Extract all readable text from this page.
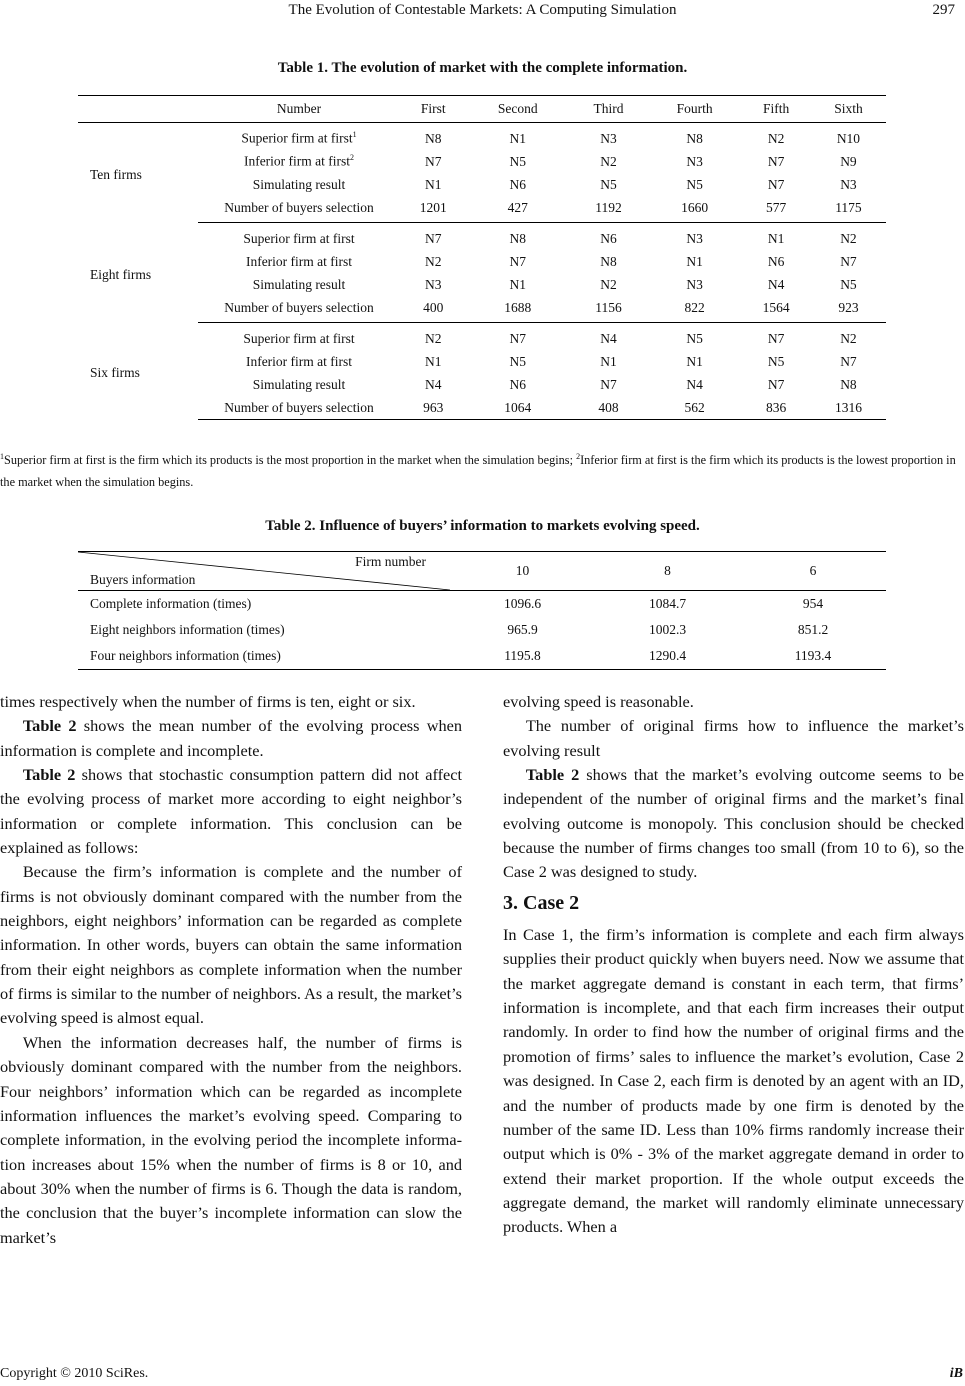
The Evolution of Contestable Markets: A Computing Simulation	297
Table 1. The evolution of market with the complete information.
	Number	First	Second	Third	Fourth	Fifth	Sixth
Ten firms	Superior firm at first$^1$	N8	N1	N3	N8	N2	N10
	Inferior firm at first$^2$	N7	N5	N2	N3	N7	N9
	Simulating result	N1	N6	N5	N5	N7	N3
	Number of buyers selection	1201	427	1192	1660	577	1175
Eight firms	Superior firm at first	N7	N8	N6	N3	N1	N2
	Inferior firm at first	N2	N7	N8	N1	N6	N7
	Simulating result	N3	N1	N2	N3	N4	N5
	Number of buyers selection	400	1688	1156	822	1564	923
Six firms	Superior firm at first	N2	N7	N4	N5	N7	N2
	Inferior firm at first	N1	N5	N1	N1	N5	N7
	Simulating result	N4	N6	N7	N4	N7	N8
	Number of buyers selection	963	1064	408	562	836	1316
$^1$Superior firm at first is the firm which its products is the most proportion in the market when the simulation begins; $^2$Inferior firm at first is the firm which its products is the lowest proportion in the market when the simulation begins.
Table 2. Influence of buyers’ information to markets evolving speed.
Firm number
Buyers information	10	8	6
Complete information (times)	1096.6	1084.7	954
Eight neighbors information (times)	965.9	1002.3	851.2
Four neighbors information (times)	1195.8	1290.4	1193.4

times respectively when the number of firms is ten, eight or six.

Table 2 shows the mean number of the evolving process when information is complete and incomplete.

Table 2 shows that stochastic consumption pattern did not affect the evolving process of market more according to eight neighbor’s information or complete information. This conclusion can be explained as follows:

Because the firm’s information is complete and the number of firms is not obviously dominant compared with the number from the neighbors, eight neighbors’ information can be regarded as complete information. In other words, buyers can obtain the same information from their eight neighbors as complete information when the number of firms is similar to the number of neighbors. As a result, the market’s evolving speed is almost equal.

When the information decreases half, the number of firms is obviously dominant compared with the number from the neighbors. Four neighbors’ information which can be regarded as incomplete information influences the market’s evolving speed. Comparing to complete information, in the evolving period the incomplete information increases about 15% when the number of firms is 8 or 10, and about 30% when the number of firms is 6. Though the data is random, the conclusion that the buyer’s incomplete information can slow the market’s

evolving speed is reasonable.

The number of original firms how to influence the market’s evolving result

Table 2 shows that the market’s evolving outcome seems to be independent of the number of original firms and the market’s final evolving outcome is monopoly. This conclusion should be checked because the number of firms changes too small (from 10 to 6), so the Case 2 was designed to study.

3. Case 2

In Case 1, the firm’s information is complete and each firm always supplies their product quickly when buyers need. Now we assume that the market aggregate demand is constant in each term, that firms’ information is incomplete, and that each firm increases their output randomly. In order to find how the number of original firms and the promotion of firms’ sales to influence the market’s evolution, Case 2 was designed. In Case 2, each firm is denoted by an agent with an ID, and the number of products made by one firm is denoted by the number of the same ID. Less than 10% firms randomly increase their output which is 0% - 3% of the market aggregate demand in order to extend their market proportion. If the whole output exceeds the aggregate demand, the market will randomly eliminate unnecessary products. When a

Copyright © 2010 SciRes.	iB
